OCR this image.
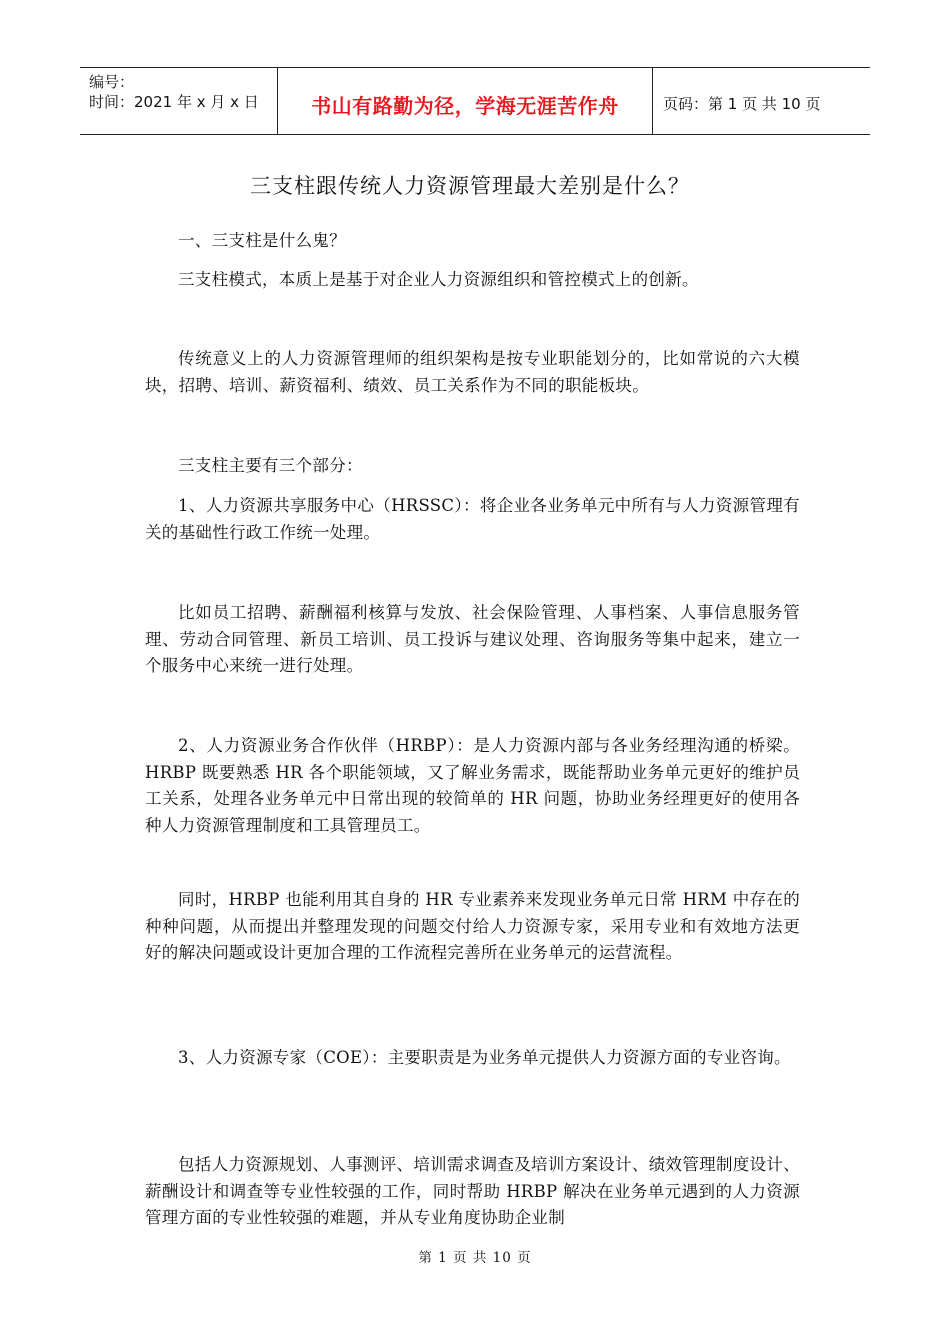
编号：
时间：2021 年 x 月 x 日	书山有路勤为径，学海无涯苦作舟	页码：第 1 页 共 10 页
三支柱跟传统人力资源管理最大差别是什么？
一、三支柱是什么鬼？
三支柱模式，本质上是基于对企业人力资源组织和管控模式上的创新。
传统意义上的人力资源管理师的组织架构是按专业职能划分的，比如常说的六大模块，招聘、培训、薪资福利、绩效、员工关系作为不同的职能板块。
三支柱主要有三个部分：
1、人力资源共享服务中心（HRSSC）：将企业各业务单元中所有与人力资源管理有关的基础性行政工作统一处理。
比如员工招聘、薪酬福利核算与发放、社会保险管理、人事档案、人事信息服务管理、劳动合同管理、新员工培训、员工投诉与建议处理、咨询服务等集中起来，建立一个服务中心来统一进行处理。
2、人力资源业务合作伙伴（HRBP）：是人力资源内部与各业务经理沟通的桥梁。HRBP 既要熟悉 HR 各个职能领域，又了解业务需求，既能帮助业务单元更好的维护员工关系，处理各业务单元中日常出现的较简单的 HR 问题，协助业务经理更好的使用各种人力资源管理制度和工具管理员工。
同时，HRBP 也能利用其自身的 HR 专业素养来发现业务单元日常 HRM 中存在的种种问题，从而提出并整理发现的问题交付给人力资源专家，采用专业和有效地方法更好的解决问题或设计更加合理的工作流程完善所在业务单元的运营流程。
3、人力资源专家（COE）：主要职责是为业务单元提供人力资源方面的专业咨询。
包括人力资源规划、人事测评、培训需求调查及培训方案设计、绩效管理制度设计、薪酬设计和调查等专业性较强的工作，同时帮助 HRBP 解决在业务单元遇到的人力资源管理方面的专业性较强的难题，并从专业角度协助企业制
第 1 页 共 10 页
